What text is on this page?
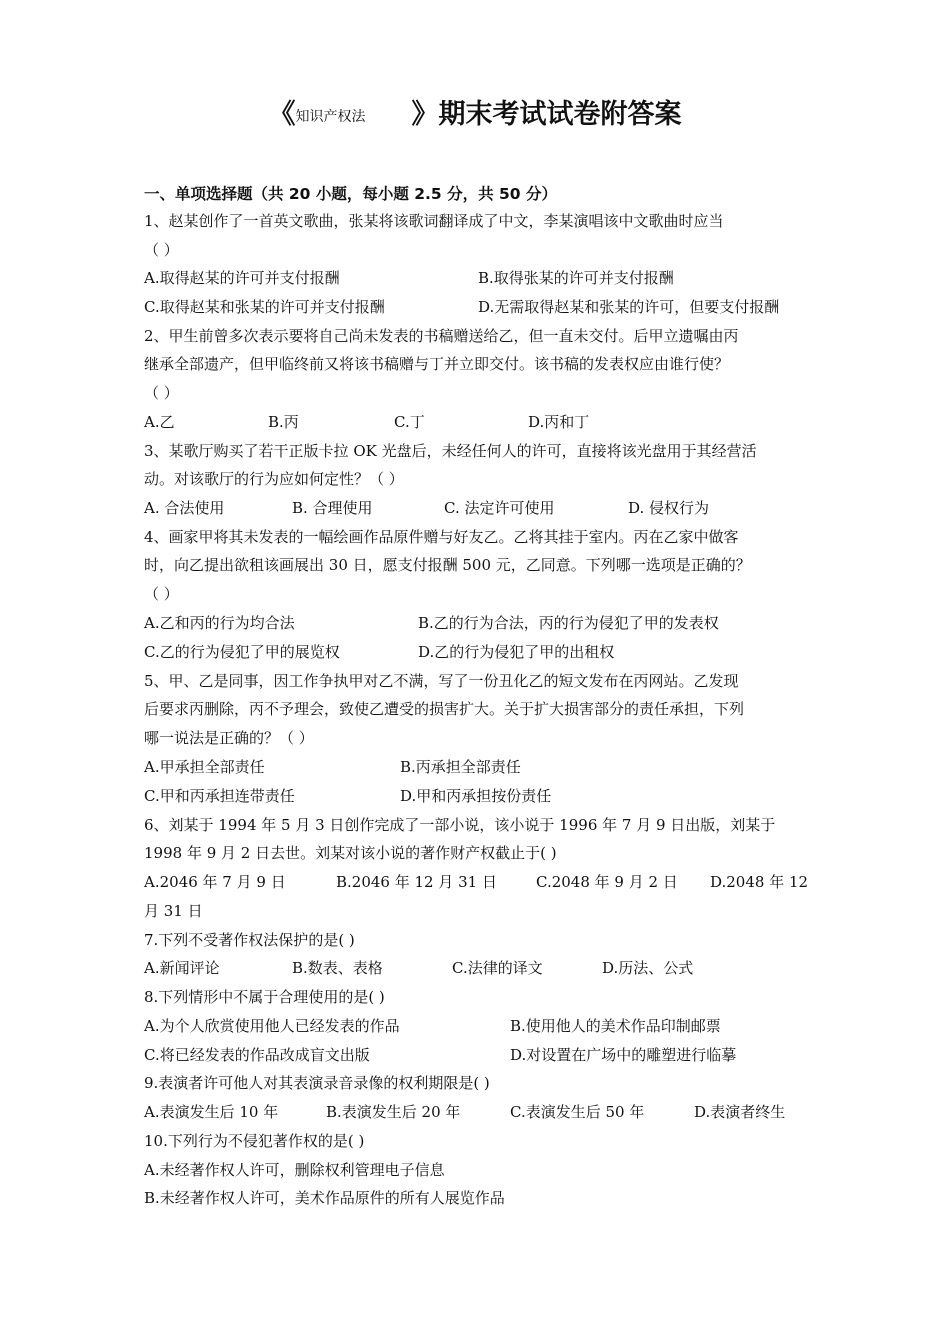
《知识产权法 》期末考试试卷附答案
一、单项选择题（共 20 小题，每小题 2.5 分，共 50 分）
1、赵某创作了一首英文歌曲，张某将该歌词翻译成了中文，李某演唱该中文歌曲时应当
（ ）
A.取得赵某的许可并支付报酬	B.取得张某的许可并支付报酬
C.取得赵某和张某的许可并支付报酬	D.无需取得赵某和张某的许可，但要支付报酬
2、甲生前曾多次表示要将自己尚未发表的书稿赠送给乙，但一直未交付。后甲立遗嘱由丙
继承全部遗产，但甲临终前又将该书稿赠与丁并立即交付。该书稿的发表权应由谁行使？
（ ）
A.乙	B.丙	C.丁	D.丙和丁
3、某歌厅购买了若干正版卡拉 OK 光盘后，未经任何人的许可，直接将该光盘用于其经营活
动。对该歌厅的行为应如何定性？（ ）
A. 合法使用	B. 合理使用	C. 法定许可使用	D. 侵权行为
4、画家甲将其未发表的一幅绘画作品原件赠与好友乙。乙将其挂于室内。丙在乙家中做客
时，向乙提出欲租该画展出 30 日，愿支付报酬 500 元，乙同意。下列哪一选项是正确的？
（ ）
A.乙和丙的行为均合法	B.乙的行为合法，丙的行为侵犯了甲的发表权
C.乙的行为侵犯了甲的展览权	D.乙的行为侵犯了甲的出租权
5、甲、乙是同事，因工作争执甲对乙不满，写了一份丑化乙的短文发布在丙网站。乙发现
后要求丙删除，丙不予理会，致使乙遭受的损害扩大。关于扩大损害部分的责任承担，下列
哪一说法是正确的？（ ）
A.甲承担全部责任	B.丙承担全部责任
C.甲和丙承担连带责任	D.甲和丙承担按份责任
6、刘某于 1994 年 5 月 3 日创作完成了一部小说，该小说于 1996 年 7 月 9 日出版，刘某于
1998 年 9 月 2 日去世。刘某对该小说的著作财产权截止于( )
A.2046 年 7 月 9 日	B.2046 年 12 月 31 日	C.2048 年 9 月 2 日 D.2048 年 12
月 31 日
7.下列不受著作权法保护的是( )
A.新闻评论	B.数表、表格	C.法律的译文	D.历法、公式
8.下列情形中不属于合理使用的是( )
A.为个人欣赏使用他人已经发表的作品	B.使用他人的美术作品印制邮票
C.将已经发表的作品改成盲文出版	D.对设置在广场中的雕塑进行临摹
9.表演者许可他人对其表演录音录像的权利期限是( )
A.表演发生后 10 年	B.表演发生后 20 年	C.表演发生后 50 年	D.表演者终生
10.下列行为不侵犯著作权的是( )
A.未经著作权人许可，删除权利管理电子信息
B.未经著作权人许可，美术作品原件的所有人展览作品
